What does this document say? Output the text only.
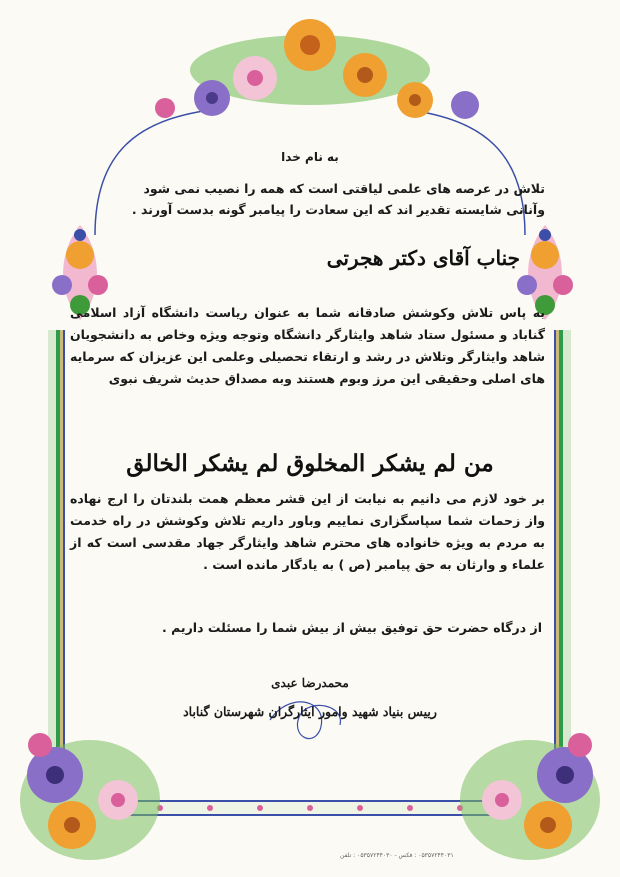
به نام خدا
تلاش در عرصه های علمی لیاقتی است که همه را نصیب نمی شود
وآنانی شایسته تقدیر اند که این سعادت را پیامبر گونه بدست آورند .
جناب آقای دکتر هجرتی
به پاس تلاش وکوشش صادقانه شما به عنوان ریاست دانشگاه آزاد اسلامی گناباد و مسئول ستاد شاهد وایثارگر دانشگاه وتوجه ویژه وخاص به دانشجویان شاهد وایثارگر وتلاش در رشد و ارتقاء تحصیلی وعلمی این عزیزان که سرمایه های اصلی وحقیقی این مرز وبوم هستند وبه مصداق حدیث شریف نبوی
من لم یشکر المخلوق لم یشکر الخالق
بر خود لازم می دانیم به نیابت از این قشر معظم همت بلندتان را ارج نهاده واز زحمات شما سپاسگزاری نماییم وباور داریم تلاش وکوشش در راه خدمت به مردم به ویژه خانواده های محترم شاهد وایثارگر جهاد مقدسی است که از علماء و وارثان به حق پیامبر (ص ) به یادگار مانده است .
از درگاه حضرت حق توفیق بیش از بیش شما را مسئلت داریم .
محمدرضا عبدی
رییس بنیاد شهید وامور ایثارگران شهرستان گناباد
۰۵۳۵۷۲۴۴۰۳۱ : فکس - ۰۵۳۵۷۲۴۴۰۳۰ : تلفن
